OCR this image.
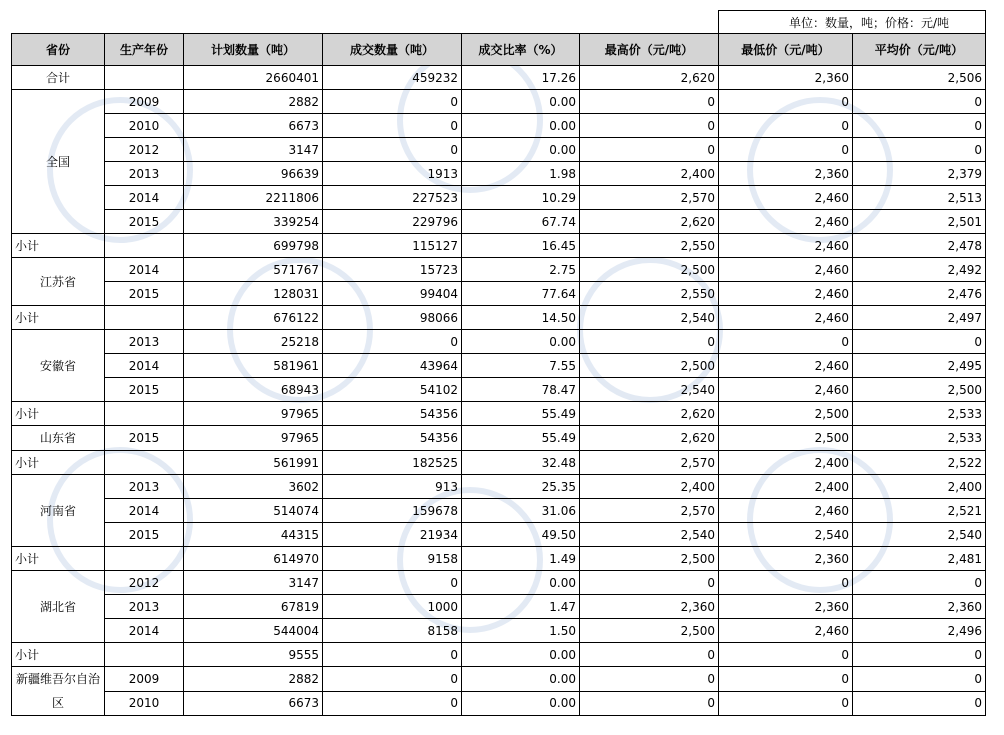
						单位：数量，吨；价格：元/吨	
省份	生产年份	计划数量（吨）	成交数量（吨）	成交比率（%）	最高价（元/吨）	最低价（元/吨）	平均价（元/吨）
合计		2660401	459232	17.26	2,620	2,360	2,506
全国	2009	2882	0	0.00	0	0	0
	2010	6673	0	0.00	0	0	0
	2012	3147	0	0.00	0	0	0
	2013	96639	1913	1.98	2,400	2,360	2,379
	2014	2211806	227523	10.29	2,570	2,460	2,513
	2015	339254	229796	67.74	2,620	2,460	2,501
小计		699798	115127	16.45	2,550	2,460	2,478
江苏省	2014	571767	15723	2.75	2,500	2,460	2,492
	2015	128031	99404	77.64	2,550	2,460	2,476
小计		676122	98066	14.50	2,540	2,460	2,497
安徽省	2013	25218	0	0.00	0	0	0
	2014	581961	43964	7.55	2,500	2,460	2,495
	2015	68943	54102	78.47	2,540	2,460	2,500
小计		97965	54356	55.49	2,620	2,500	2,533
山东省	2015	97965	54356	55.49	2,620	2,500	2,533
小计		561991	182525	32.48	2,570	2,400	2,522
河南省	2013	3602	913	25.35	2,400	2,400	2,400
	2014	514074	159678	31.06	2,570	2,460	2,521
	2015	44315	21934	49.50	2,540	2,540	2,540
小计		614970	9158	1.49	2,500	2,360	2,481
湖北省	2012	3147	0	0.00	0	0	0
	2013	67819	1000	1.47	2,360	2,360	2,360
	2014	544004	8158	1.50	2,500	2,460	2,496
小计		9555	0	0.00	0	0	0
新疆维吾尔自治区	2009	2882	0	0.00	0	0	0
	2010	6673	0	0.00	0	0	0
